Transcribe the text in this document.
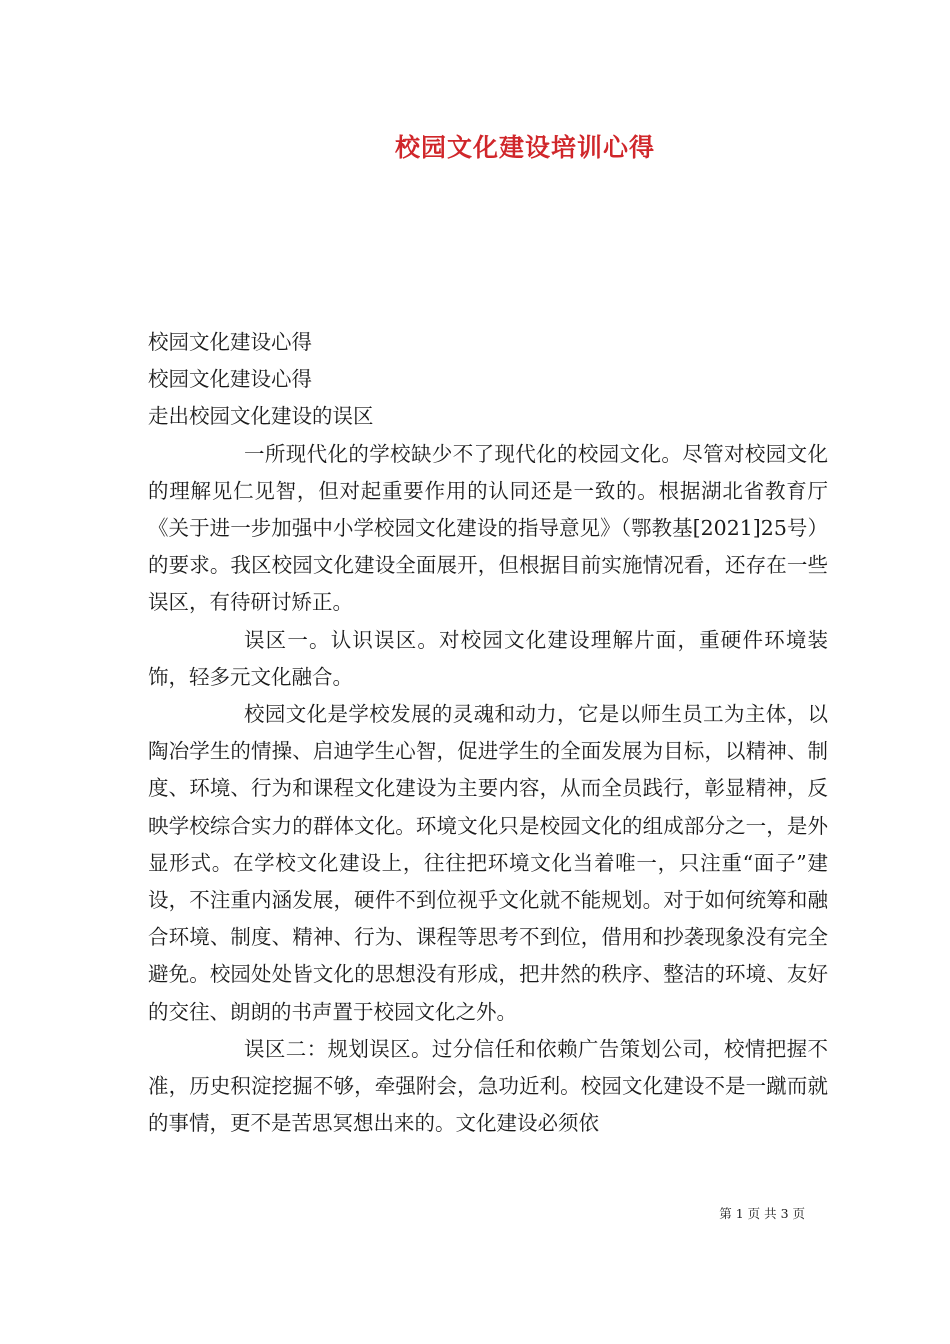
校园文化建设培训心得

校园文化建设心得

校园文化建设心得

走出校园文化建设的误区

一所现代化的学校缺少不了现代化的校园文化。尽管对校园文化的理解见仁见智，但对起重要作用的认同还是一致的。根据湖北省教育厅《关于进一步加强中小学校园文化建设的指导意见》（鄂教基[2021]25号）的要求。我区校园文化建设全面展开，但根据目前实施情况看，还存在一些误区，有待研讨矫正。

误区一。认识误区。对校园文化建设理解片面，重硬件环境装饰，轻多元文化融合。

校园文化是学校发展的灵魂和动力，它是以师生员工为主体，以陶冶学生的情操、启迪学生心智，促进学生的全面发展为目标，以精神、制度、环境、行为和课程文化建设为主要内容，从而全员践行，彰显精神，反映学校综合实力的群体文化。环境文化只是校园文化的组成部分之一，是外显形式。在学校文化建设上，往往把环境文化当着唯一，只注重“面子”建设，不注重内涵发展，硬件不到位视乎文化就不能规划。对于如何统筹和融合环境、制度、精神、行为、课程等思考不到位，借用和抄袭现象没有完全避免。校园处处皆文化的思想没有形成，把井然的秩序、整洁的环境、友好的交往、朗朗的书声置于校园文化之外。

误区二：规划误区。过分信任和依赖广告策划公司，校情把握不准，历史积淀挖掘不够，牵强附会，急功近利。校园文化建设不是一蹴而就的事情，更不是苦思冥想出来的。文化建设必须依

第 1 页 共 3 页
